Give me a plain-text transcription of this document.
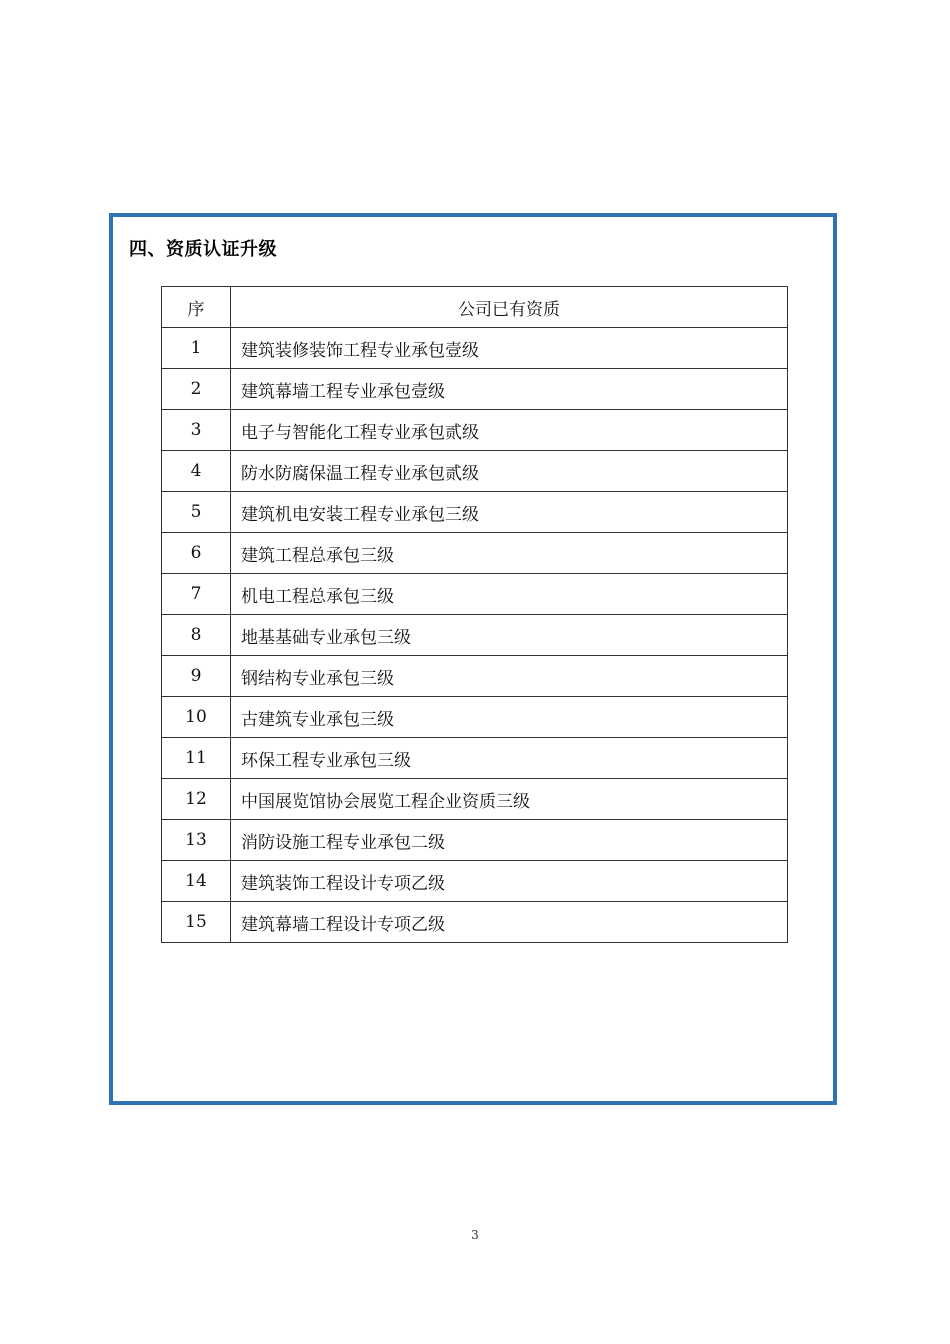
四、资质认证升级
序	公司已有资质
1	建筑装修装饰工程专业承包壹级
2	建筑幕墙工程专业承包壹级
3	电子与智能化工程专业承包贰级
4	防水防腐保温工程专业承包贰级
5	建筑机电安装工程专业承包三级
6	建筑工程总承包三级
7	机电工程总承包三级
8	地基基础专业承包三级
9	钢结构专业承包三级
10	古建筑专业承包三级
11	环保工程专业承包三级
12	中国展览馆协会展览工程企业资质三级
13	消防设施工程专业承包二级
14	建筑装饰工程设计专项乙级
15	建筑幕墙工程设计专项乙级
3
